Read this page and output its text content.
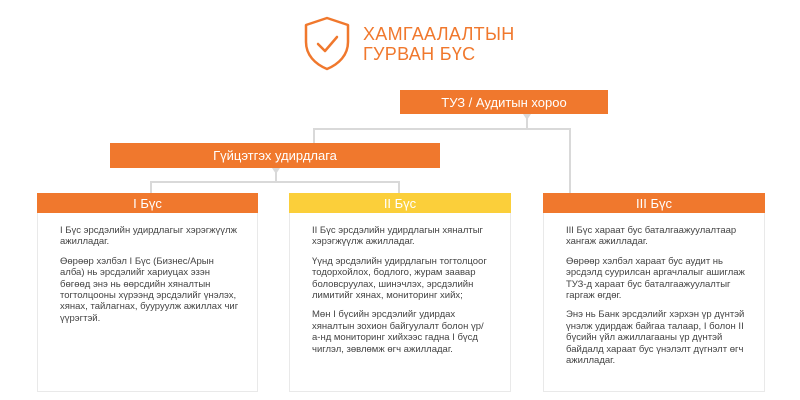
ХАМГААЛАЛТЫН
ГУРВАН БҮС
ТУЗ / Аудитын хороо
Гүйцэтгэх удирдлага
I Бүс

I Бүс эрсдэлийн удирдлагыг хэрэгжүүлж ажилладаг.

Өөрөөр хэлбэл I Бүс (Бизнес/Арын алба) нь эрсдэлийг хариуцах эзэн бөгөөд энэ нь өөрсдийн хяналтын тогтолцооны хүрээнд эрсдэлийг үнэлэх, хянах, тайлагнах, бууруулж ажиллах чиг үүрэгтэй.

II Бүс

II Бүс эрсдэлийн удирдлагын хяналтыг хэрэгжүүлж ажилладаг.

Үүнд эрсдэлийн удирдлагын тогтолцоог тодорхойлох, бодлого, журам заавар боловсруулах, шинэчлэх, эрсдэлийн лимитийг хянах, мониторинг хийх;

Мөн I бүсийн эрсдэлийг удирдах хяналтын зохион байгуулалт болон үр/а-нд мониторинг хийхээс гадна I бүсд чиглэл, зөвлөмж өгч ажилладаг.

III Бүс

III Бүс хараат бус баталгаажуулалтаар хангаж ажилладаг.

Өөрөөр хэлбэл хараат бус аудит нь эрсдэлд суурилсан аргачлалыг ашиглаж ТУЗ-д хараат бус баталгаажуулалтыг гаргаж өгдөг.

Энэ нь Банк эрсдэлийг хэрхэн үр дүнтэй үнэлж удирдаж байгаа талаар, I болон II бүсийн үйл ажиллагааны үр дүнтэй байдалд хараат бус үнэлэлт дүгнэлт өгч ажилладаг.
